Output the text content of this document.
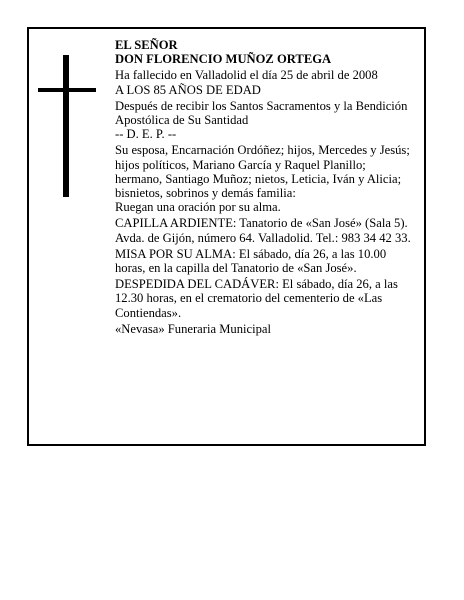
EL SEÑOR

DON FLORENCIO MUÑOZ ORTEGA

Ha fallecido en Valladolid el día 25 de abril de 2008

A LOS 85 AÑOS DE EDAD

Después de recibir los Santos Sacramentos y la Bendición Apostólica de Su Santidad

-- D. E. P. --

Su esposa, Encarnación Ordóñez; hijos, Mercedes y Jesús; hijos políticos, Mariano García y Raquel Planillo; hermano, Santiago Muñoz; nietos, Leticia, Iván y Alicia; bisnietos, sobrinos y demás familia:

Ruegan una oración por su alma.

CAPILLA ARDIENTE: Tanatorio de «San José» (Sala 5). Avda. de Gijón, número 64. Valladolid. Tel.: 983 34 42 33.

MISA POR SU ALMA: El sábado, día 26, a las 10.00 horas, en la capilla del Tanatorio de «San José».

DESPEDIDA DEL CADÁVER: El sábado, día 26, a las 12.30 horas, en el crematorio del cementerio de «Las Contiendas».

«Nevasa» Funeraria Municipal
